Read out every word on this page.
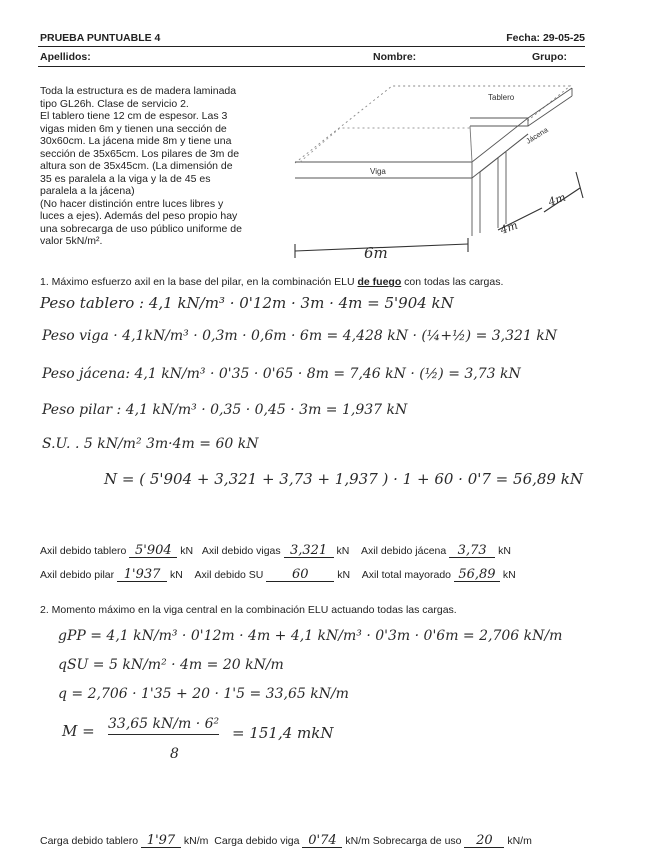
PRUEBA PUNTUABLE 4	Fecha: 29-05-25
Apellidos:	Nombre:	Grupo:

Toda la estructura es de madera laminada

tipo GL26h. Clase de servicio 2.

El tablero tiene 12 cm de espesor. Las 3

vigas miden 6m y tienen una sección de

30x60cm. La jácena mide 8m y tiene una

sección de 35x65cm. Los pilares de 3m de

altura son de 35x45cm. (La dimensión de

35 es paralela a la viga y la de 45 es

paralela a la jácena)

(No hacer distinción entre luces libres y

luces a ejes). Además del peso propio hay

una sobrecarga de uso público uniforme de

valor 5kN/m².

Tablero
Jácena
Viga
6m
4m
4m
1. Máximo esfuerzo axil en la base del pilar, en la combinación ELU de fuego con todas las cargas.
Peso tablero : 4,1 kN/m³ · 0'12m · 3m · 4m = 5'904 kN
Peso viga · 4,1kN/m³ · 0,3m · 0,6m · 6m = 4,428 kN · (¼+½) = 3,321 kN
Peso jácena: 4,1 kN/m³ · 0'35 · 0'65 · 8m = 7,46 kN · (½) = 3,73 kN
Peso pilar : 4,1 kN/m³ · 0,35 · 0,45 · 3m = 1,937 kN
S.U. . 5 kN/m² 3m·4m = 60 kN
N = ( 5'904 + 3,321 + 3,73 + 1,937 ) · 1 + 60 · 0'7 = 56,89 kN
Axil debido tablero 5'904 kN Axil debido vigas 3,321 kN Axil debido jácena 3,73 kN
Axil debido pilar 1'937 kN Axil debido SU 60	kN Axil total mayorado 56,89 kN
2. Momento máximo en la viga central en la combinación ELU actuando todas las cargas.
gPP = 4,1 kN/m³ · 0'12m · 4m + 4,1 kN/m³ · 0'3m · 0'6m = 2,706 kN/m
qSU = 5 kN/m² · 4m = 20 kN/m
q = 2,706 · 1'35 + 20 · 1'5 = 33,65 kN/m
M = 33,65 kN/m · 6²
8
= 151,4 mkN
Carga debido tablero 1'97 kN/m Carga debido viga 0'74 kN/m Sobrecarga de uso 20 kN/m
